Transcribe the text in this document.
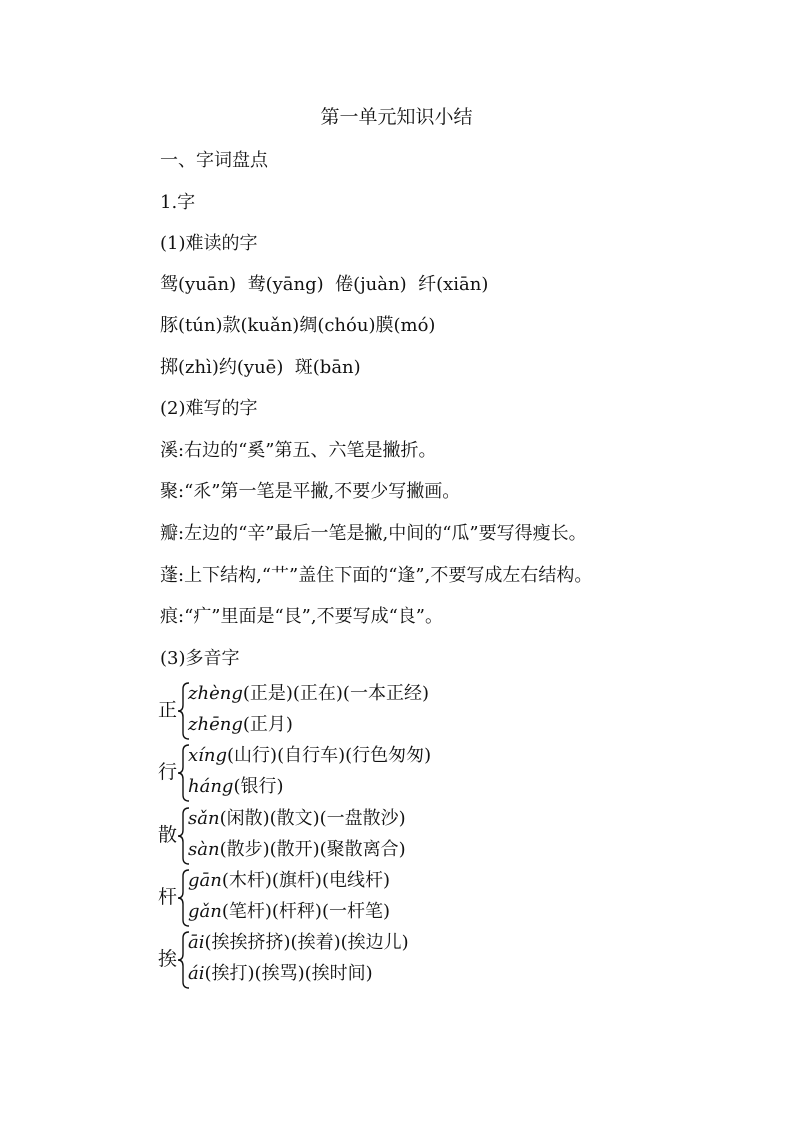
第一单元知识小结
一、字词盘点
1.字
(1)难读的字
鸳(yuān)  鸯(yāng)  倦(juàn)  纤(xiān)
豚(tún)款(kuǎn)绸(chóu)膜(mó)
掷(zhì)约(yuē)  斑(bān)
(2)难写的字
溪:右边的“奚”第五、六笔是撇折。
聚:“乑”第一笔是平撇,不要少写撇画。
瓣:左边的“辛”最后一笔是撇,中间的“瓜”要写得瘦长。
蓬:上下结构,“艹”盖住下面的“逢”,不要写成左右结构。
痕:“疒”里面是“艮”,不要写成“良”。
(3)多音字
正
zhèng(正是)(正在)(一本正经)
zhēng(正月)
行
xíng(山行)(自行车)(行色匆匆)
háng(银行)
散
sǎn(闲散)(散文)(一盘散沙)
sàn(散步)(散开)(聚散离合)
杆
gān(木杆)(旗杆)(电线杆)
gǎn(笔杆)(杆秤)(一杆笔)
挨
āi(挨挨挤挤)(挨着)(挨边儿)
ái(挨打)(挨骂)(挨时间)
